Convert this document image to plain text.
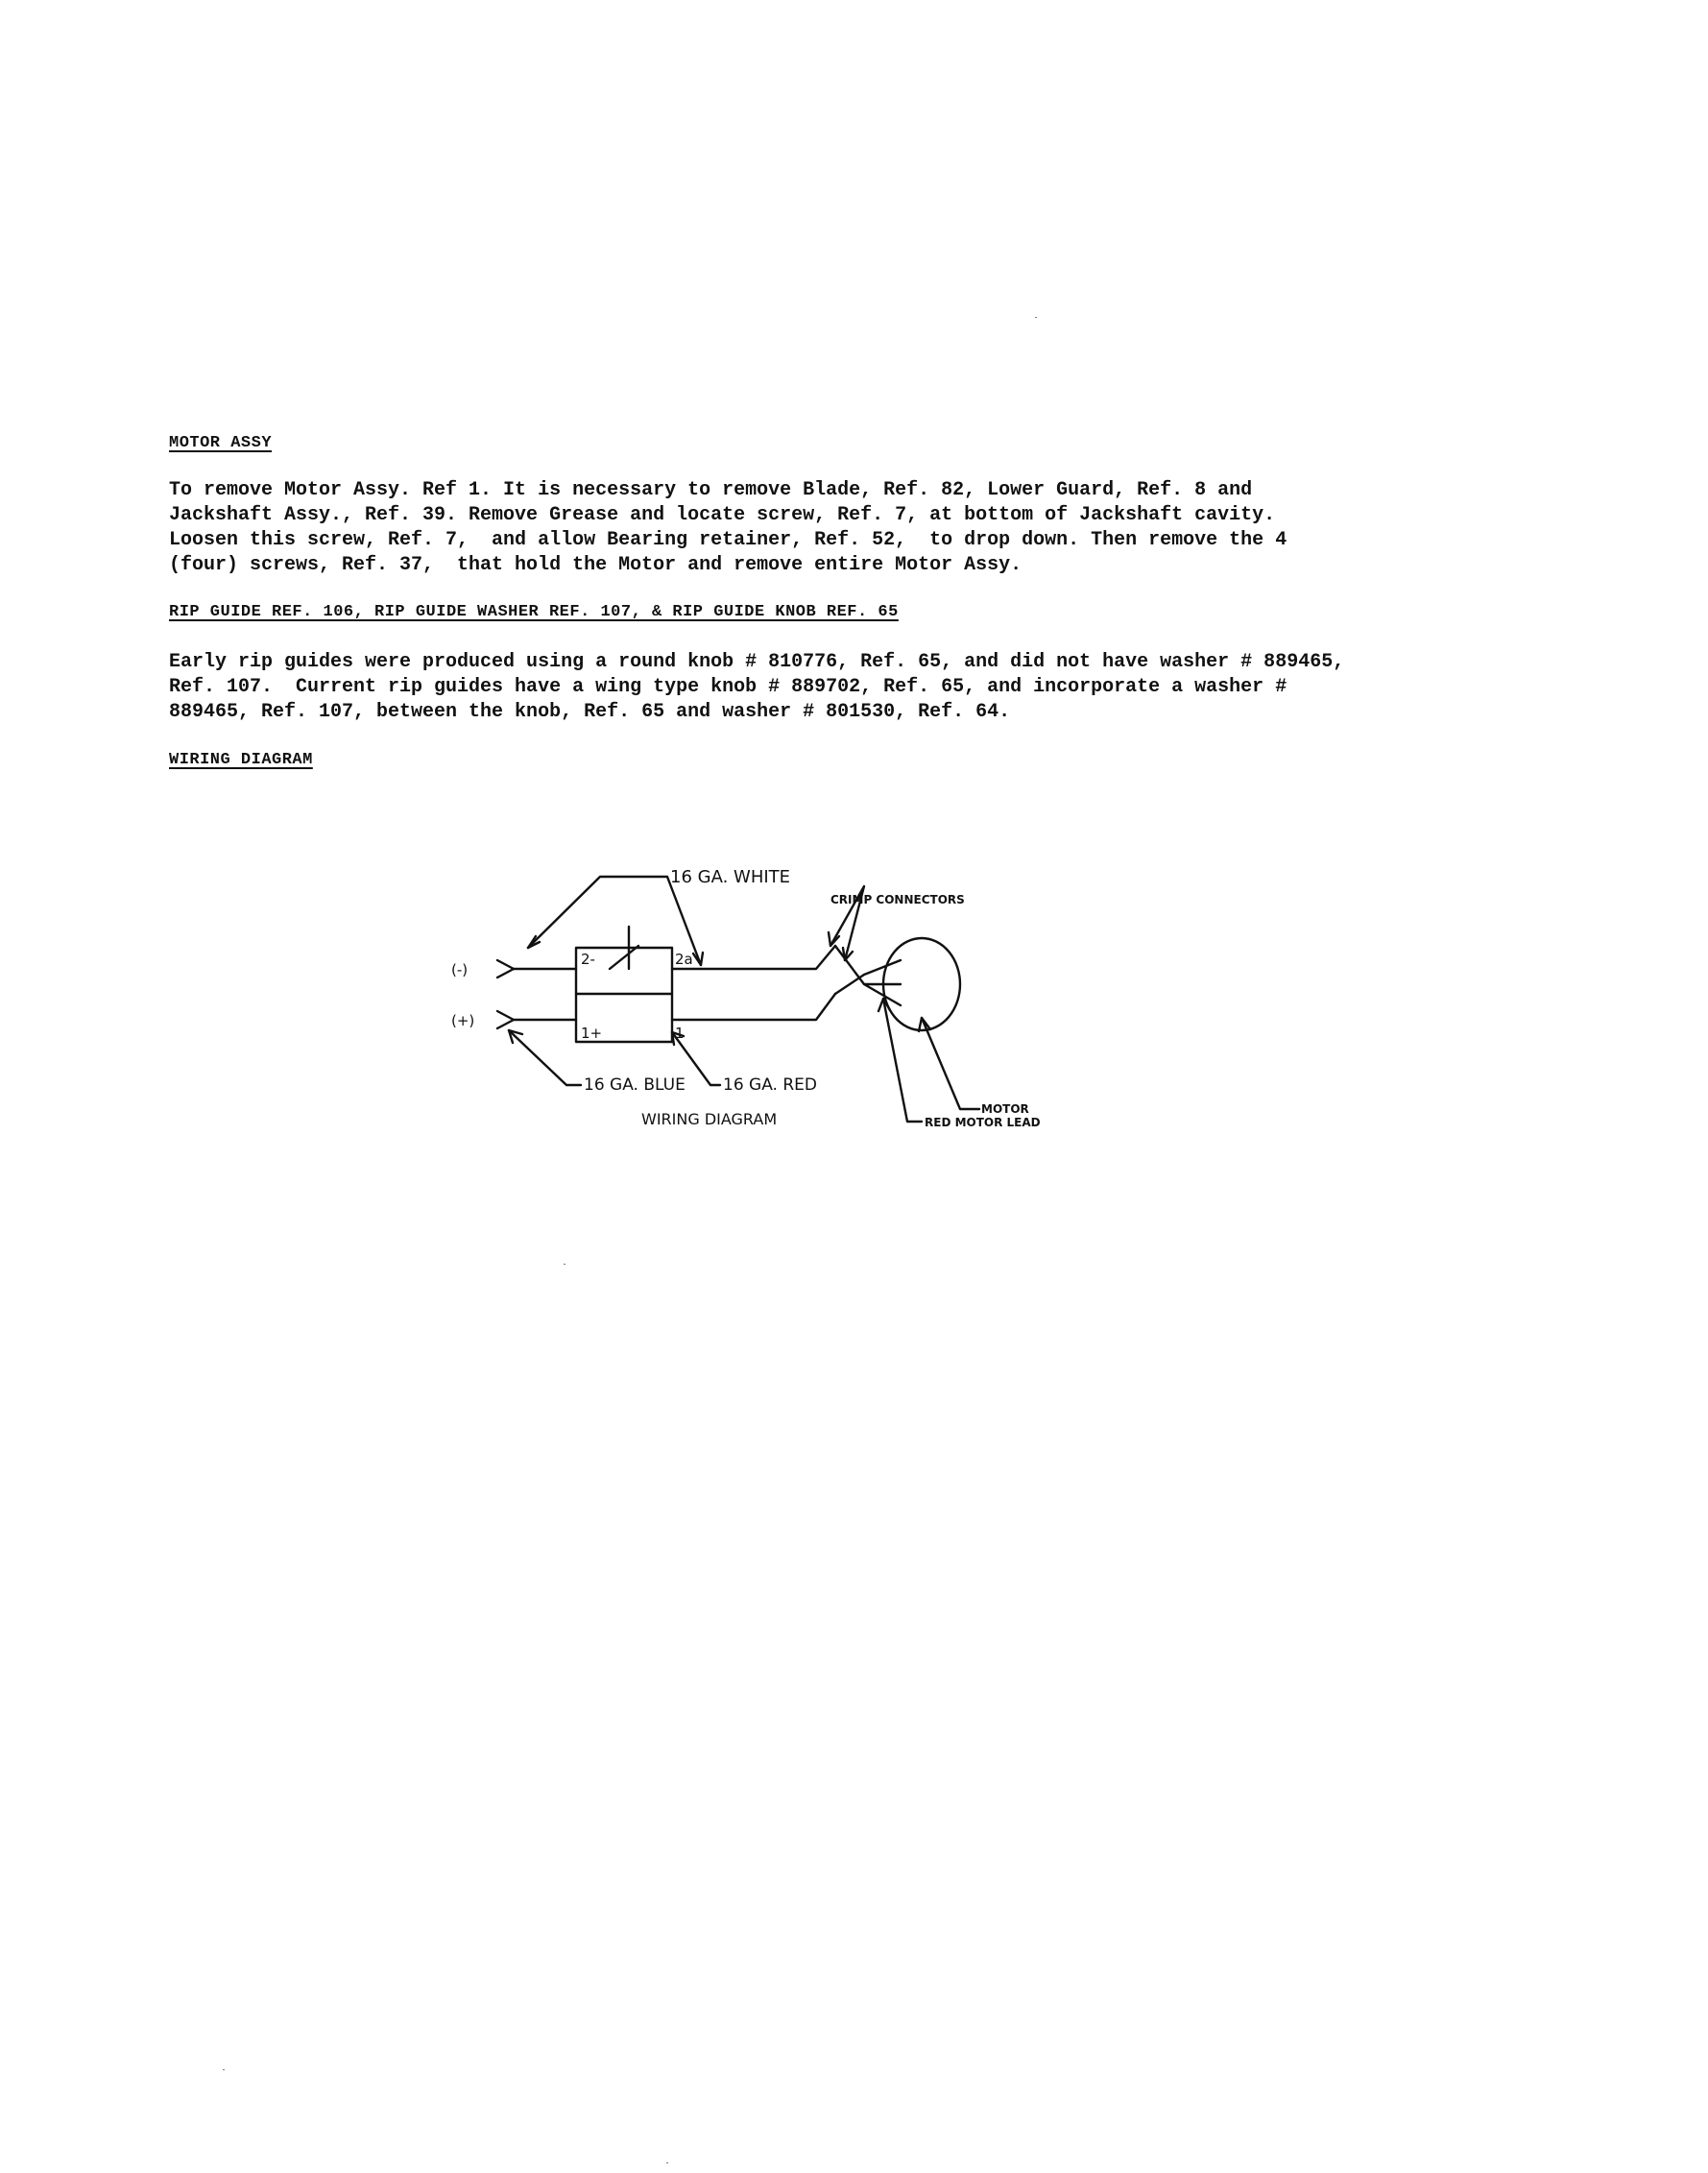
MOTOR ASSY
To remove Motor Assy. Ref 1. It is necessary to remove Blade, Ref. 82, Lower Guard, Ref. 8 and
Jackshaft Assy., Ref. 39. Remove Grease and locate screw, Ref. 7, at bottom of Jackshaft cavity.
Loosen this screw, Ref. 7,  and allow Bearing retainer, Ref. 52,  to drop down. Then remove the 4
(four) screws, Ref. 37,  that hold the Motor and remove entire Motor Assy.
RIP GUIDE REF. 106, RIP GUIDE WASHER REF. 107, & RIP GUIDE KNOB REF. 65
Early rip guides were produced using a round knob # 810776, Ref. 65, and did not have washer # 889465,
Ref. 107.  Current rip guides have a wing type knob # 889702, Ref. 65, and incorporate a washer #
889465, Ref. 107, between the knob, Ref. 65 and washer # 801530, Ref. 64.
WIRING DIAGRAM
16 GA. WHITE
CRIMP CONNECTORS
(-)
(+)
2-	2a
1+	1
16 GA. BLUE 16 GA. RED
MOTOR
RED MOTOR LEAD
WIRING DIAGRAM
